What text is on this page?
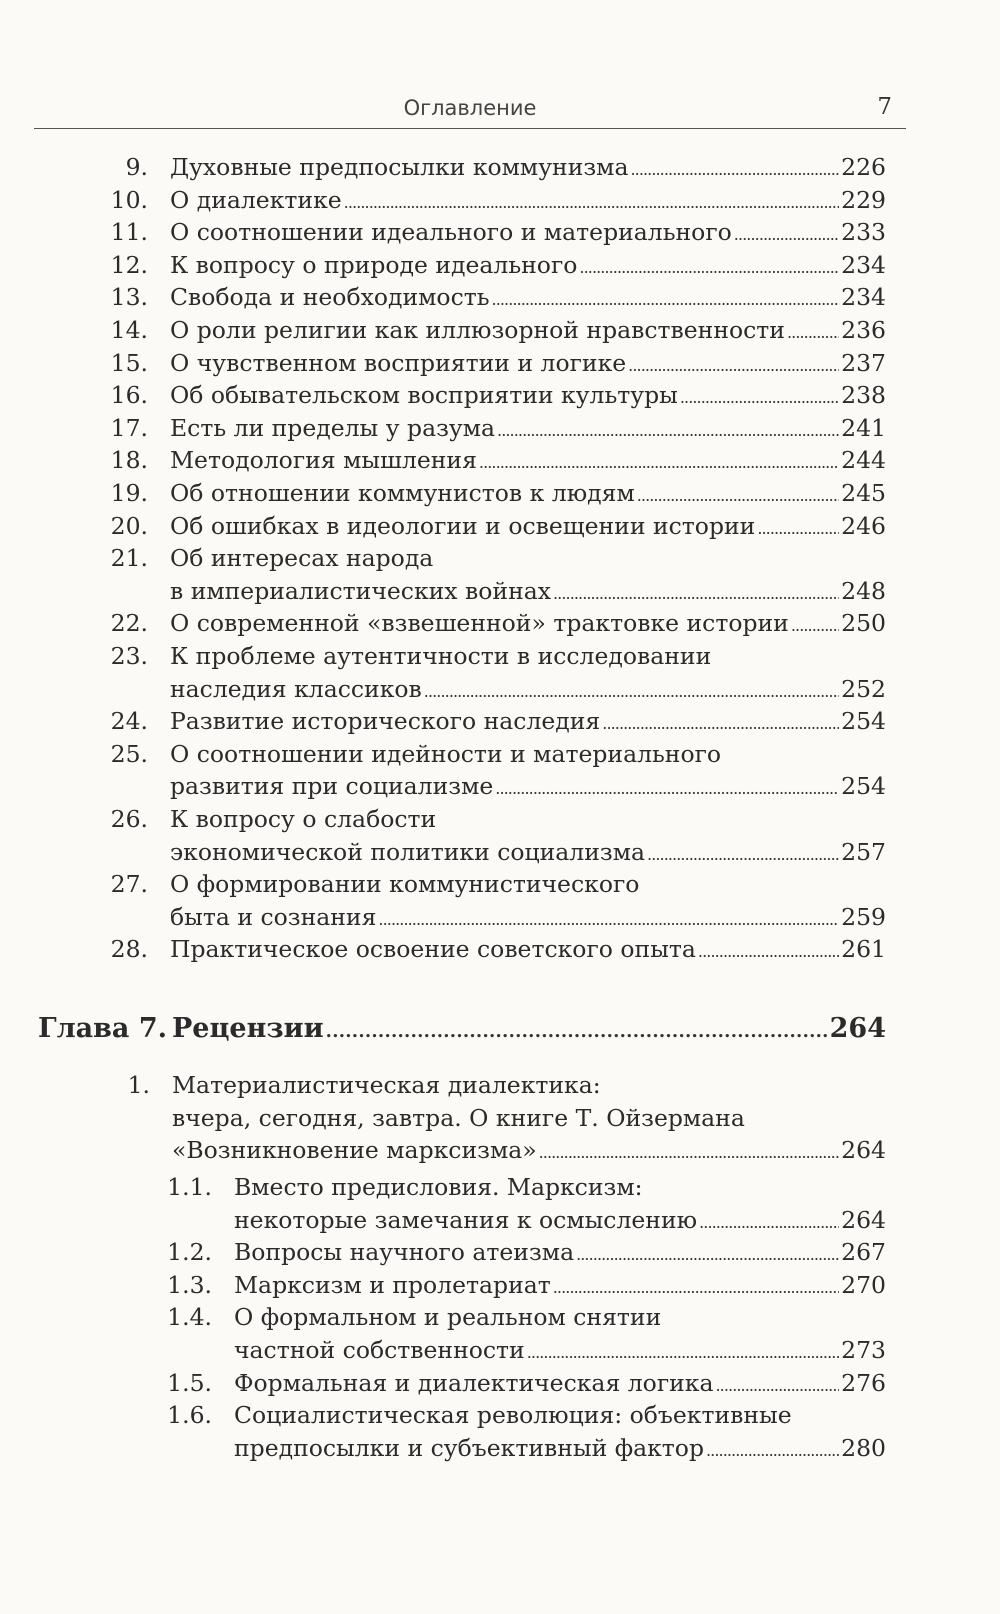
Оглавление	7
9. Духовные предпосылки коммунизма . . .	226
10. О диалектике . . .	229
11. О соотношении идеального и материального . . .	233
12. К вопросу о природе идеального . . .	234
13. Свобода и необходимость . . .	234
14. О роли религии как иллюзорной нравственности . . . 236
15. О чувственном восприятии и логике . . .	237
16. Об обывательском восприятии культуры . . .	238
17. Есть ли пределы у разума . . .	241
18. Методология мышления . . .	244
19. Об отношении коммунистов к людям . . .	245
20. Об ошибках в идеологии и освещении истории . . .	246
21. Об интересах народа
в империалистических войнах . . .	248
22. О современной «взвешенной» трактовке истории . . . 250
23. К проблеме аутентичности в исследовании
наследия классиков . . .	252
24. Развитие исторического наследия . . .	254
25. О соотношении идейности и материального
развития при социализме . . .	254
26. К вопросу о слабости
экономической политики социализма . . .	257
27. О формировании коммунистического
быта и сознания . . .	259
28. Практическое освоение советского опыта . . .	261
Глава 7. Рецензии . . .	264
1. Материалистическая диалектика:
вчера, сегодня, завтра. О книге Т. Ойзермана
«Возникновение марксизма» . . .	264
1.1. Вместо предисловия. Марксизм:
некоторые замечания к осмыслению . . .	264
1.2. Вопросы научного атеизма . . .	267
1.3. Марксизм и пролетариат . . .	270
1.4. О формальном и реальном снятии
частной собственности . . .	273
1.5. Формальная и диалектическая логика . . .	276
1.6. Социалистическая революция: объективные
предпосылки и субъективный фактор . . .	280
